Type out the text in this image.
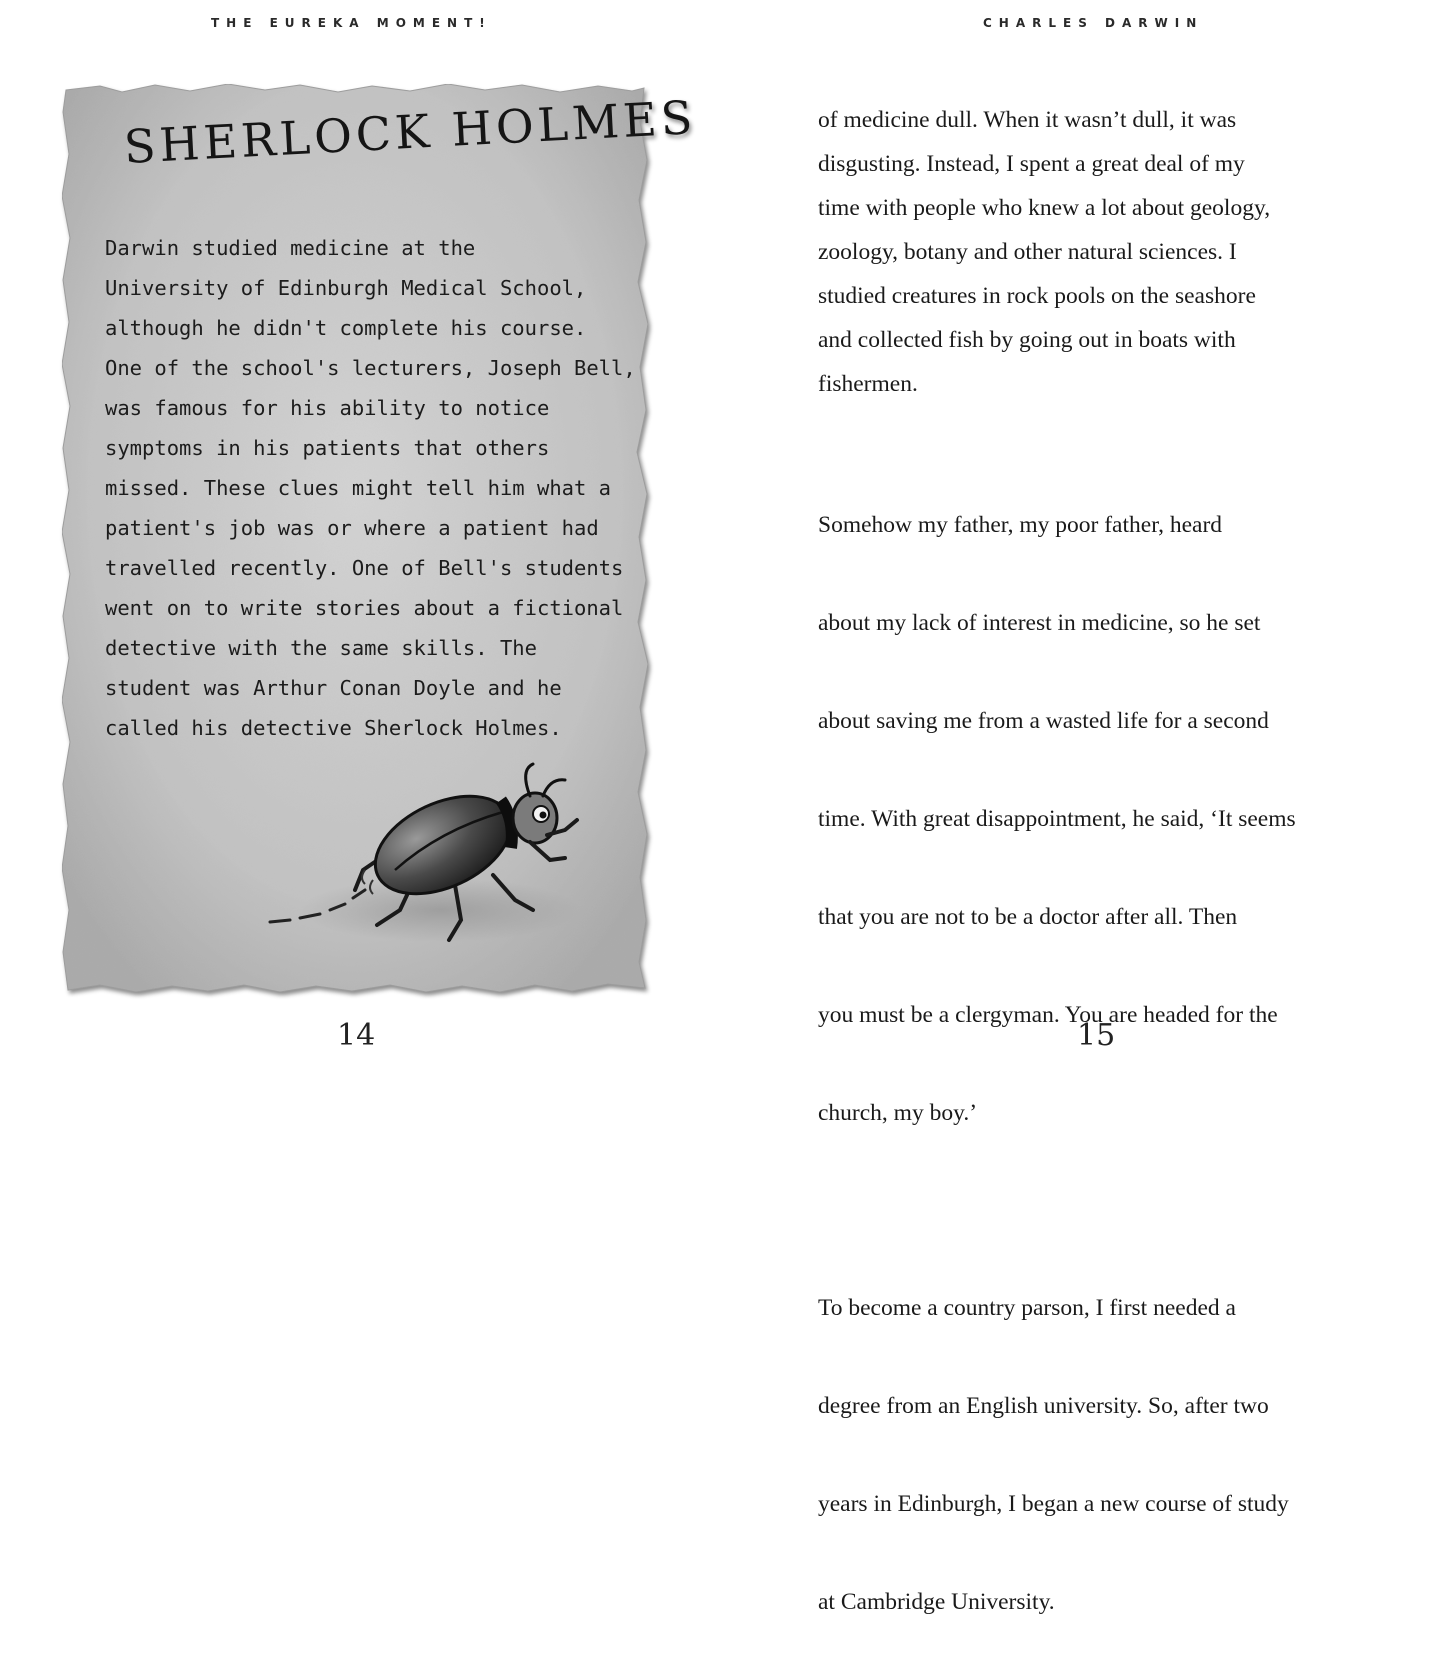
THE EUREKA MOMENT!
SHERLOCK HOLMES
Darwin studied medicine at the
University of Edinburgh Medical School,
although he didn't complete his course.
One of the school's lecturers, Joseph Bell,
was famous for his ability to notice
symptoms in his patients that others
missed. These clues might tell him what a
patient's job was or where a patient had
travelled recently. One of Bell's students
went on to write stories about a fictional
detective with the same skills. The
student was Arthur Conan Doyle and he
called his detective Sherlock Holmes.
14
CHARLES DARWIN

of medicine dull. When it wasn’t dull, it was
disgusting. Instead, I spent a great deal of my
time with people who knew a lot about geology,
zoology, botany and other natural sciences. I
studied creatures in rock pools on the seashore
and collected fish by going out in boats with
fishermen.

Somehow my father, my poor father, heard

about my lack of interest in medicine, so he set

about saving me from a wasted life for a second

time. With great disappointment, he said, ‘It seems

that you are not to be a doctor after all. Then

you must be a clergyman. You are headed for the

church, my boy.’

To become a country parson, I first needed a

degree from an English university. So, after two

years in Edinburgh, I began a new course of study

at Cambridge University.

15
